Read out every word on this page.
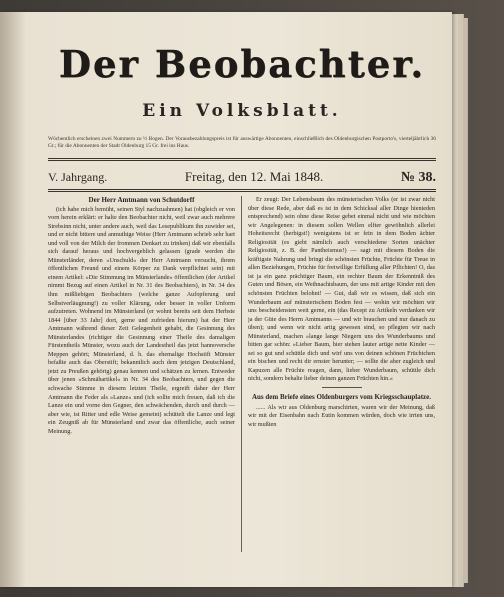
Der Beobachter.
Ein Volksblatt.
Wöchentlich erscheinen zwei Nummern zu ½ Bogen. Der Vorausbezahlungspreis ist für auswärtige Abonnenten, einschließlich des Oldenburgischen Postporto's, vierteljährlich 36 Gr.; für die Abonnenten der Stadt Oldenburg 15 Gr. frei ins Haus.
V. Jahrgang.	Freitag, den 12. Mai 1848.	№ 38.

Der Herr Amtmann von Schutdorff

(ich habe mich bemüht, seinen Styl nachzuahmen) hat (obgleich er von vorn herein erklärt: er halte den Beobachter nicht, weil zwar auch mehrere Strebsinn nicht, unter andere auch, weil das Lesepublikum ihn zuwider sei, und er nicht bittere und anmuthige Weise (Herr Amtmann schrieb sehr hart und voll von der Milch der frommen Denkart zu trinken) daß wir ebenfalls sich darauf heraus und hochvergeblich gelassen (grade werden die Münsterländer, deren »Unschuld« der Herr Amtmann versucht, ihrem öffentlichen Freund und einem Körper zu Dank verpflichtet sein) mit einem Artikel: »Die Stimmung im Münsterlande« öffentlichen (der Artikel nimmt Bezug auf einen Artikel in Nr. 31 des Beobachters), in Nr. 34 des ihm mißliebigen Beobachters (welche ganze Aufopferung und Selbstverläugnung!) zu voller Klärung, oder besser in voller Unform aufzutreten. Wohnend im Münsterland (er wohnt bereits seit dem Herbste 1844 [über 33 Jahr] dort, gerne und zufrieden hierum) hat der Herr Amtmann während dieser Zeit Gelegenheit gehabt, die Gesinnung des Münsterlandes (richtiger die Gesinnung einer Theile des damaligen Fürstentheils Münster, wozu auch der Landestheil das jetzt hannoversche Meppen gehört; Münsterland, d. h. das ehemalige Hochstift Münster befaßte auch das Oberstift; bekanntlich auch dem jetzigen Deutschland, jetzt zu Preußen gehörig) genau kennen und schätzen zu lernen. Entweder über jenen »Schmähartikel« in Nr. 34 des Beobachters, und gegen die schwache Stimme in diesem letzten Theile, ergreift daher der Herr Amtmann die Feder als »Lanze« und (ich sollte mich freuen, daß ich die Lanze ein und vorne den Gegner, den schwächenden, durch und durch — aber wie, ist Ritter und edle Weise gemeint) schüttelt die Lanze und legt ein Zeugniß ab für Münsterland und zwar das öffentliche, auch seiner Meinung.

Er zeugt: Der Lebensbaum des münsterischen Volks (er ist zwar nicht über diese Rede, aber daß es ist in dem Schicksal aller Dinge hienieden entsprechend) sein ohne diese Reise gebet einmal nicht und wie möchten wir Angelegenen: in diesem sollen Wellen elfter gewöhnlich allerlei Hoheitsrecht (herbigst!) wenigstens ist er fein in dem Boden ächter Religiosität (es giebt nämlich auch verschiedene Sorten unächter Religiosität, z. B. der Pantheismus!) — sagt mit diesem Boden die kräftigste Nahrung und bringt die schönsten Früchte, Früchte für Treue in allen Beziehungen, Früchte für freiwillige Erfüllung aller Pflichten! O, das ist ja ein ganz prächtiger Baum, ein rechter Baum der Erkenntniß des Guten und Bösen, ein Weihnachtsbaum, der uns mit artige Kinder mit den schönsten Früchten belohnt! — Gut, daß wir es wissen, daß sich ein Wunderbaum auf münsterischem Boden fest — wohin wir möchten wir uns bescheidensten weit gerne, ein (das Recept zu Artikeln verdanken wir ja der Güte des Herrn Amtmanns — und wir brauchen und nur danach zu üben); und wenn wir nicht artig gewesen sind, so pflegten wir nach Münsterland, machen »lange lange Niegern uns des Wunderbaums und bitten gar schön: »Lieber Baum, hier stehen lauter artige nette Kinder — sei so gut und schüttle dich und wirf uns von deinen schönen Früchtchen ein bischen und recht dir ernster herunter; — sollte die aber zugleich und Kapuzen alle Früchte reagen, dann, lieber Wunderbaum, schüttle dich nicht, sondern behalte lieber deinen ganzen Früchten hin.«

Aus dem Briefe eines Oldenburgers vom Kriegsschauplatze.

...... Als wir aus Oldenburg marschirten, waren wir der Meinung, daß wir mit der Eisenbahn nach Eutin kommen würden, doch wie irrten uns, wir mußten
